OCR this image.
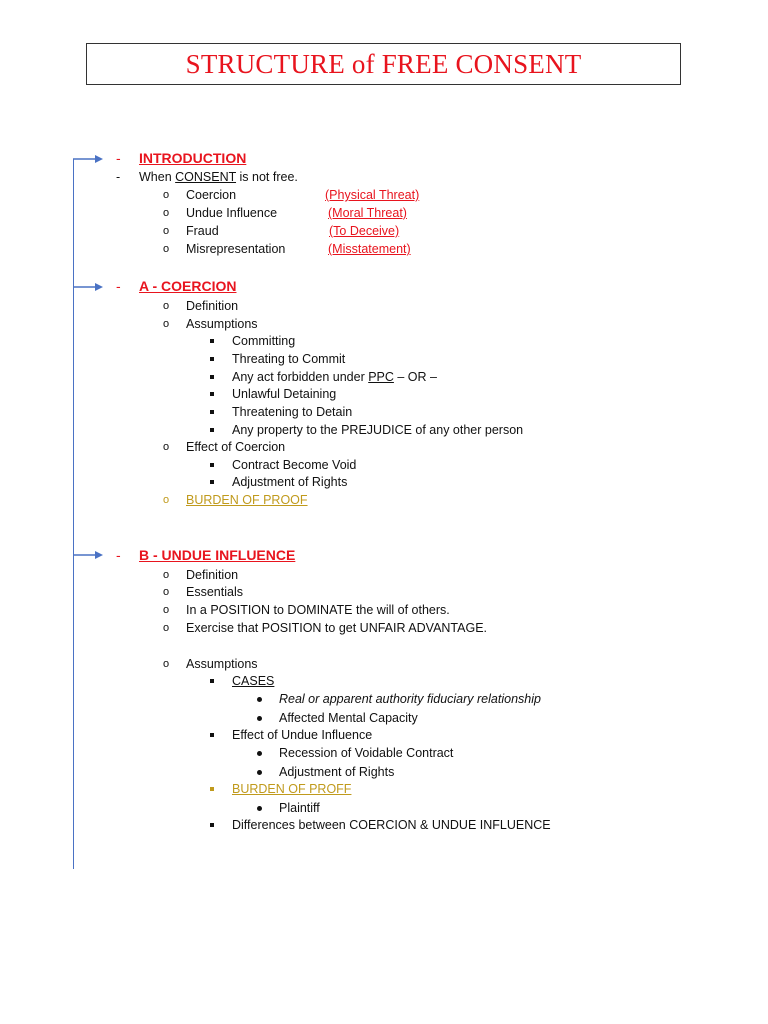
STRUCTURE of FREE CONSENT
- INTRODUCTION
- When CONSENT is not free.
o Coercion	(Physical Threat)
o Undue Influence	(Moral Threat)
o Fraud	(To Deceive)
o Misrepresentation	(Misstatement)
- A - COERCION
o Definition
o Assumptions
Committing
Threating to Commit
Any act forbidden under PPC – OR –
Unlawful Detaining
Threatening to Detain
Any property to the PREJUDICE of any other person
o Effect of Coercion
Contract Become Void
Adjustment of Rights
o BURDEN OF PROOF
- B - UNDUE INFLUENCE
o Definition
o Essentials
o In a POSITION to DOMINATE the will of others.
o Exercise that POSITION to get UNFAIR ADVANTAGE.
o Assumptions
CASES
Real or apparent authority fiduciary relationship
Affected Mental Capacity
Effect of Undue Influence
Recession of Voidable Contract
Adjustment of Rights
BURDEN OF PROFF
Plaintiff
Differences between COERCION & UNDUE INFLUENCE
